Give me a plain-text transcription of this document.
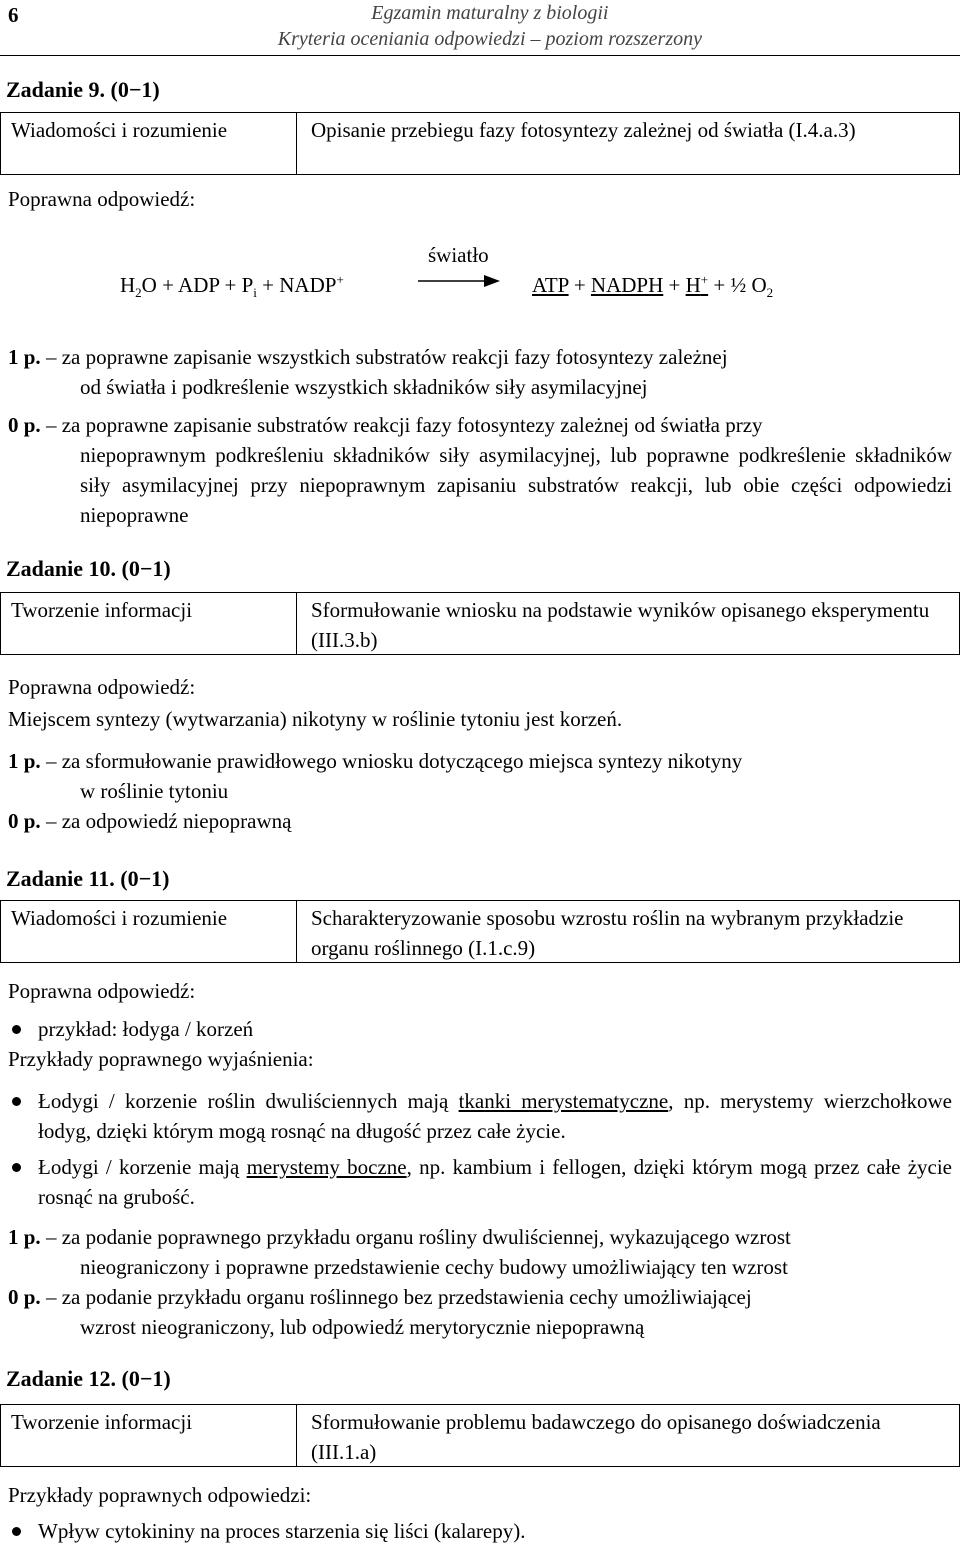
6	Egzamin maturalny z biologii
Kryteria oceniania odpowiedzi – poziom rozszerzony
Zadanie 9. (0−1)
Wiadomości i rozumienie	Opisanie przebiegu fazy fotosyntezy zależnej od światła (I.4.a.3)
Poprawna odpowiedź:
światło
$H_2O$ + ADP + $P_i$ + NADP+	ATP + NADPH + H+ + ½ $O_2$
1 p. – za poprawne zapisanie wszystkich substratów reakcji fazy fotosyntezy zależnej
od światła i podkreślenie wszystkich składników siły asymilacyjnej
0 p. – za poprawne zapisanie substratów reakcji fazy fotosyntezy zależnej od światła przy
niepoprawnym podkreśleniu składników siły asymilacyjnej, lub poprawne podkreślenie składników siły asymilacyjnej przy niepoprawnym zapisaniu substratów reakcji, lub obie części odpowiedzi niepoprawne
Zadanie 10. (0−1)
Tworzenie informacji	Sformułowanie wniosku na podstawie wyników opisanego eksperymentu (III.3.b)
Poprawna odpowiedź:
Miejscem syntezy (wytwarzania) nikotyny w roślinie tytoniu jest korzeń.
1 p. – za sformułowanie prawidłowego wniosku dotyczącego miejsca syntezy nikotyny
w roślinie tytoniu
0 p. – za odpowiedź niepoprawną
Zadanie 11. (0−1)
Wiadomości i rozumienie	Scharakteryzowanie sposobu wzrostu roślin na wybranym przykładzie organu roślinnego (I.1.c.9)
Poprawna odpowiedź:
przykład: łodyga / korzeń
Przykłady poprawnego wyjaśnienia:
Łodygi / korzenie roślin dwuliściennych mają tkanki merystematyczne, np. merystemy wierzchołkowe łodyg, dzięki którym mogą rosnąć na długość przez całe życie.
Łodygi / korzenie mają merystemy boczne, np. kambium i fellogen, dzięki którym mogą przez całe życie rosnąć na grubość.
1 p. – za podanie poprawnego przykładu organu rośliny dwuliściennej, wykazującego wzrost
nieograniczony i poprawne przedstawienie cechy budowy umożliwiający ten wzrost
0 p. – za podanie przykładu organu roślinnego bez przedstawienia cechy umożliwiającej
wzrost nieograniczony, lub odpowiedź merytorycznie niepoprawną
Zadanie 12. (0−1)
Tworzenie informacji	Sformułowanie problemu badawczego do opisanego doświadczenia (III.1.a)
Przykłady poprawnych odpowiedzi:
Wpływ cytokininy na proces starzenia się liści (kalarepy).
